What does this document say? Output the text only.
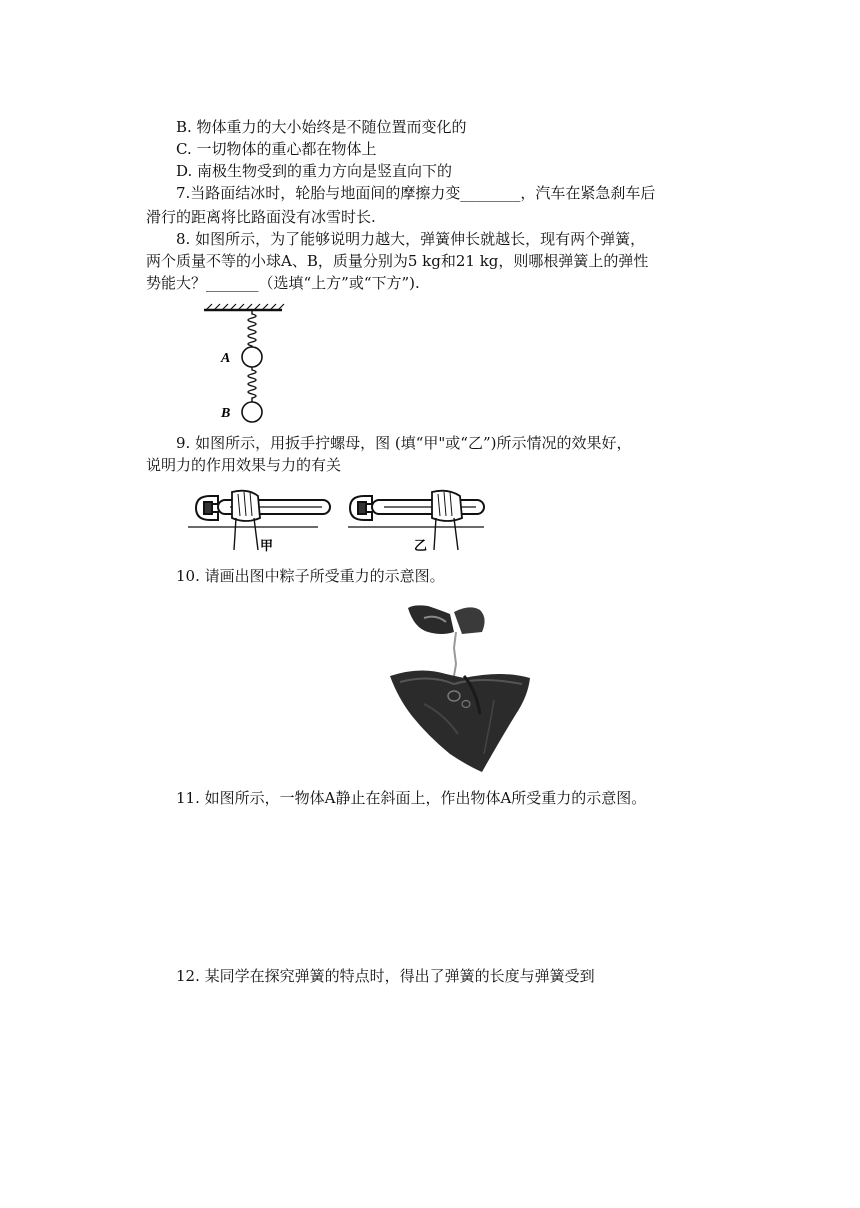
B. 物体重力的大小始终是不随位置而变化的
C. 一切物体的重心都在物体上
D. 南极生物受到的重力方向是竖直向下的
7.当路面结冰时，轮胎与地面间的摩擦力变________，汽车在紧急刹车后
滑行的距离将比路面没有冰雪时长.
8. 如图所示，为了能够说明力越大，弹簧伸长就越长，现有两个弹簧，
两个质量不等的小球A、B，质量分别为5 kg和21 kg，则哪根弹簧上的弹性
势能大？_______（选填“上方”或“下方”).
A
B
9. 如图所示，用扳手拧螺母，图 (填“甲"或“乙”)所示情况的效果好，
说明力的作用效果与力的有关
甲	乙
10. 请画出图中粽子所受重力的示意图。
11. 如图所示，一物体A静止在斜面上，作出物体A所受重力的示意图。
12. 某同学在探究弹簧的特点时，得出了弹簧的长度与弹簧受到
